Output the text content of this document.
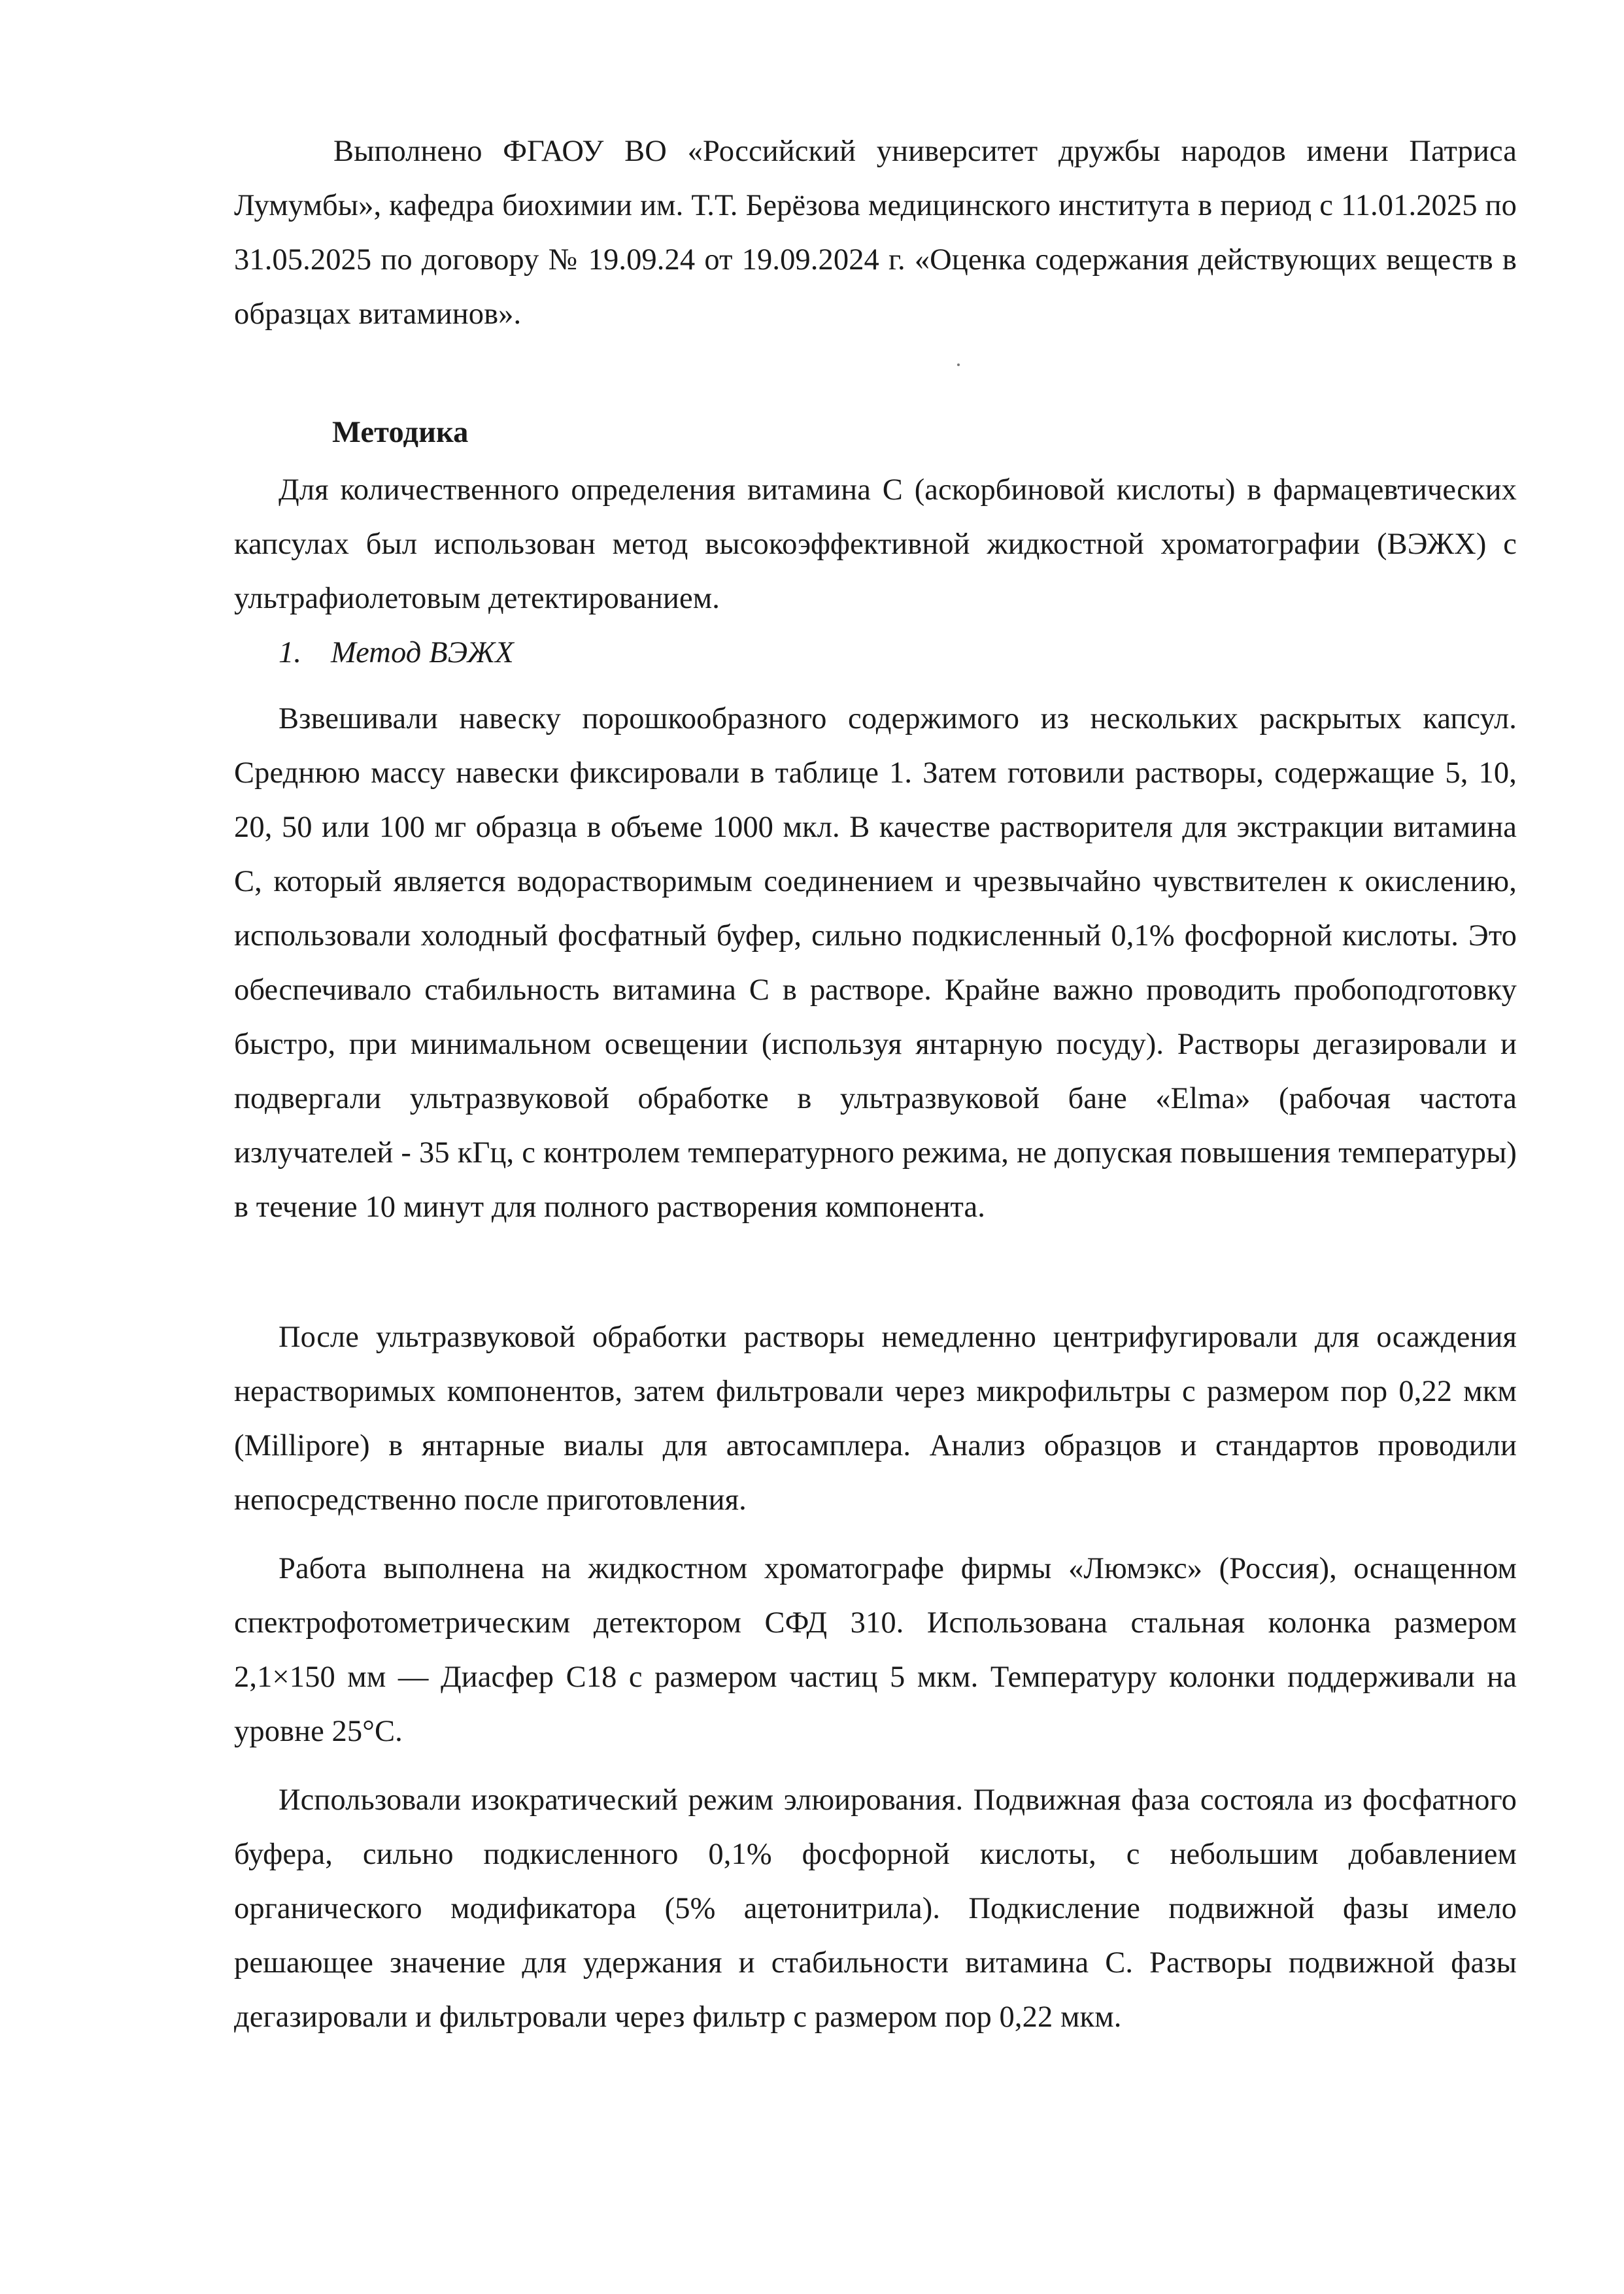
Выполнено ФГАОУ ВО «Российский университет дружбы народов имени Патриса Лумумбы», кафедра биохимии им. Т.Т. Берёзова медицинского института в период с 11.01.2025 по 31.05.2025 по договору № 19.09.24 от 19.09.2024 г. «Оценка содержания действующих веществ в образцах витаминов».

Методика

Для количественного определения витамина С (аскорбиновой кислоты) в фармацевтических капсулах был использован метод высокоэффективной жидкостной хроматографии (ВЭЖХ) с ультрафиолетовым детектированием.

1. Метод ВЭЖХ

Взвешивали навеску порошкообразного содержимого из нескольких раскрытых капсул. Среднюю массу навески фиксировали в таблице 1. Затем готовили растворы, содержащие 5, 10, 20, 50 или 100 мг образца в объеме 1000 мкл. В качестве растворителя для экстракции витамина С, который является водорастворимым соединением и чрезвычайно чувствителен к окислению, использовали холодный фосфатный буфер, сильно подкисленный 0,1% фосфорной кислоты. Это обеспечивало стабильность витамина С в растворе. Крайне важно проводить пробоподготовку быстро, при минимальном освещении (используя янтарную посуду). Растворы дегазировали и подвергали ультразвуковой обработке в ультразвуковой бане «Elma» (рабочая частота излучателей - 35 кГц, с контролем температурного режима, не допуская повышения температуры) в течение 10 минут для полного растворения компонента.

После ультразвуковой обработки растворы немедленно центрифугировали для осаждения нерастворимых компонентов, затем фильтровали через микрофильтры с размером пор 0,22 мкм (Millipore) в янтарные виалы для автосамплера. Анализ образцов и стандартов проводили непосредственно после приготовления.

Работа выполнена на жидкостном хроматографе фирмы «Люмэкс» (Россия), оснащенном спектрофотометрическим детектором СФД 310. Использована стальная колонка размером 2,1×150 мм — Диасфер С18 с размером частиц 5 мкм. Температуру колонки поддерживали на уровне 25°С.

Использовали изократический режим элюирования. Подвижная фаза состояла из фосфатного буфера, сильно подкисленного 0,1% фосфорной кислоты, с небольшим добавлением органического модификатора (5% ацетонитрила). Подкисление подвижной фазы имело решающее значение для удержания и стабильности витамина С. Растворы подвижной фазы дегазировали и фильтровали через фильтр с размером пор 0,22 мкм.
